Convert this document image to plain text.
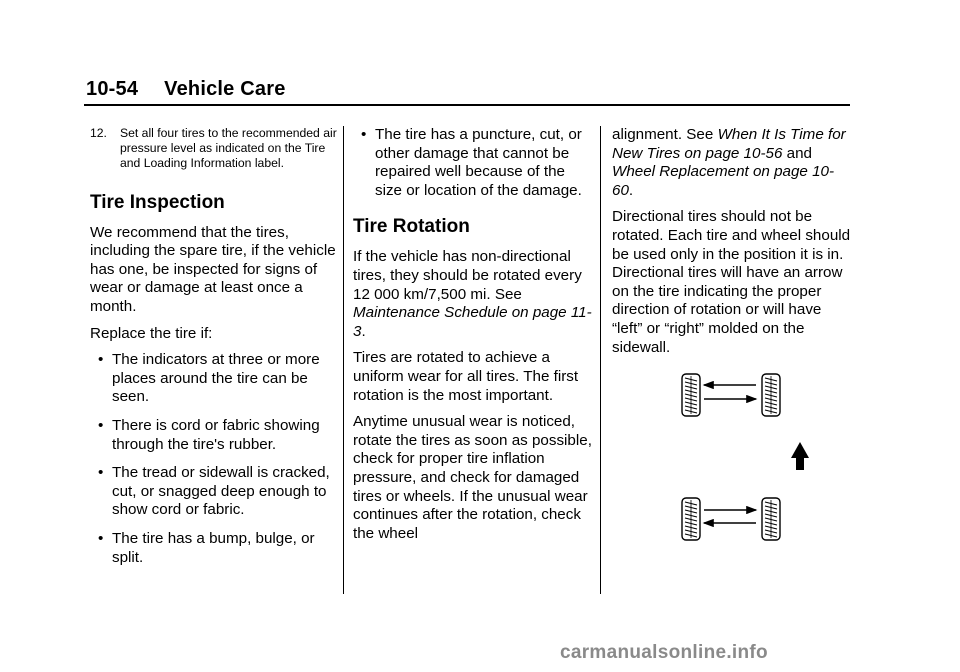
10-54 Vehicle Care

12. Set all four tires to the recommended air pressure level as indicated on the Tire and Loading Information label.

Tire Inspection

We recommend that the tires, including the spare tire, if the vehicle has one, be inspected for signs of wear or damage at least once a month.

Replace the tire if:

• The indicators at three or more places around the tire can be seen.
• There is cord or fabric showing through the tire's rubber.
• The tread or sidewall is cracked, cut, or snagged deep enough to show cord or fabric.
• The tire has a bump, bulge, or split.
• The tire has a puncture, cut, or other damage that cannot be repaired well because of the size or location of the damage.
Tire Rotation

If the vehicle has non-directional tires, they should be rotated every 12 000 km/7,500 mi. See Maintenance Schedule on page 11-3.

Tires are rotated to achieve a uniform wear for all tires. The first rotation is the most important.

Anytime unusual wear is noticed, rotate the tires as soon as possible, check for proper tire inflation pressure, and check for damaged tires or wheels. If the unusual wear continues after the rotation, check the wheel

alignment. See When It Is Time for New Tires on page 10-56 and Wheel Replacement on page 10-60.

Directional tires should not be rotated. Each tire and wheel should be used only in the position it is in. Directional tires will have an arrow on the tire indicating the proper direction of rotation or will have “left” or “right” molded on the sidewall.

carmanualsonline.info
